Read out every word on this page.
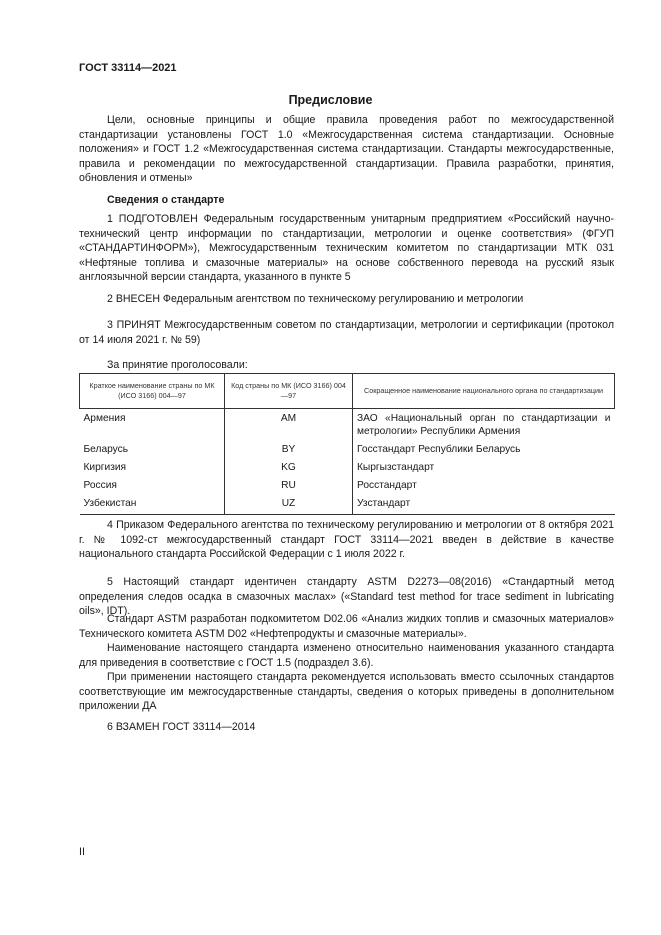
ГОСТ 33114—2021
Предисловие
Цели, основные принципы и общие правила проведения работ по межгосударственной стандартизации установлены ГОСТ 1.0 «Межгосударственная система стандартизации. Основные положения» и ГОСТ 1.2 «Межгосударственная система стандартизации. Стандарты межгосударственные, правила и рекомендации по межгосударственной стандартизации. Правила разработки, принятия, обновления и отмены»
Сведения о стандарте
1 ПОДГОТОВЛЕН Федеральным государственным унитарным предприятием «Российский научно-технический центр информации по стандартизации, метрологии и оценке соответствия» (ФГУП «СТАНДАРТИНФОРМ»), Межгосударственным техническим комитетом по стандартизации МТК 031 «Нефтяные топлива и смазочные материалы» на основе собственного перевода на русский язык англоязычной версии стандарта, указанного в пункте 5
2 ВНЕСЕН Федеральным агентством по техническому регулированию и метрологии
3 ПРИНЯТ Межгосударственным советом по стандартизации, метрологии и сертификации (протокол от 14 июля 2021 г. № 59)
За принятие проголосовали:
Краткое наименование страны по МК (ИСО 3166) 004—97	Код страны по МК (ИСО 3166) 004—97	Сокращенное наименование национального органа по стандартизации
Армения	AM	ЗАО «Национальный орган по стандартизации и метрологии» Республики Армения
Беларусь	BY	Госстандарт Республики Беларусь
Киргизия	KG	Кыргызстандарт
Россия	RU	Росстандарт
Узбекистан	UZ	Узстандарт
4 Приказом Федерального агентства по техническому регулированию и метрологии от 8 октября 2021 г. № 1092-ст межгосударственный стандарт ГОСТ 33114—2021 введен в действие в качестве национального стандарта Российской Федерации с 1 июля 2022 г.
5 Настоящий стандарт идентичен стандарту ASTM D2273—08(2016) «Стандартный метод определения следов осадка в смазочных маслах» («Standard test method for trace sediment in lubricating oils», IDT).
Стандарт ASTM разработан подкомитетом D02.06 «Анализ жидких топлив и смазочных материалов» Технического комитета ASTM D02 «Нефтепродукты и смазочные материалы».
Наименование настоящего стандарта изменено относительно наименования указанного стандарта для приведения в соответствие с ГОСТ 1.5 (подраздел 3.6).
При применении настоящего стандарта рекомендуется использовать вместо ссылочных стандартов соответствующие им межгосударственные стандарты, сведения о которых приведены в дополнительном приложении ДА
6 ВЗАМЕН ГОСТ 33114—2014
II
